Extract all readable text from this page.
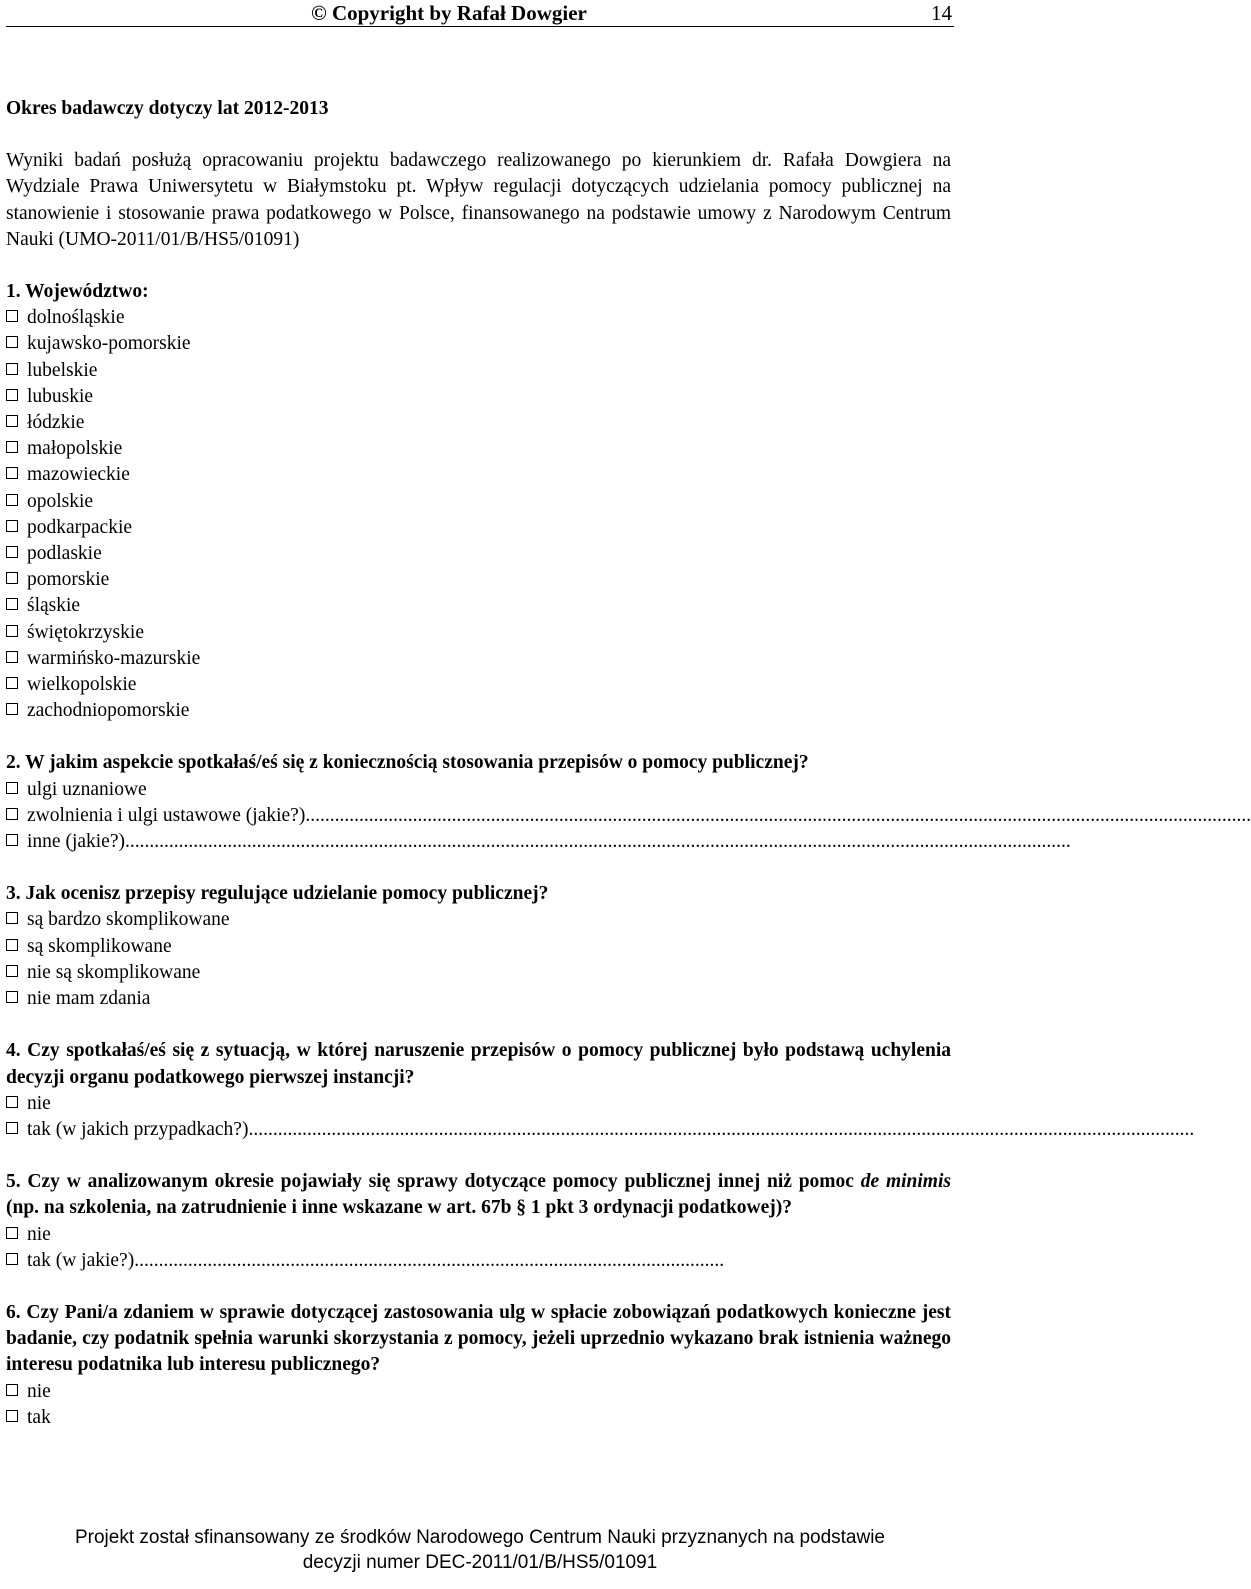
© Copyright by Rafał Dowgier	14

Okres badawczy dotyczy lat 2012-2013

Wyniki badań posłużą opracowaniu projektu badawczego realizowanego po kierunkiem dr. Rafała Dowgiera na Wydziale Prawa Uniwersytetu w Białymstoku pt. Wpływ regulacji dotyczących udzielania pomocy publicznej na stanowienie i stosowanie prawa podatkowego w Polsce, finansowanego na podstawie umowy z Narodowym Centrum Nauki (UMO-2011/01/B/HS5/01091)

1. Województwo:

dolnośląskie
kujawsko-pomorskie
lubelskie
lubuskie
łódzkie
małopolskie
mazowieckie
opolskie
podkarpackie
podlaskie
pomorskie
śląskie
świętokrzyskie
warmińsko-mazurskie
wielkopolskie
zachodniopomorskie

2. W jakim aspekcie spotkałaś/eś się z koniecznością stosowania przepisów o pomocy publicznej?

ulgi uznaniowe
zwolnienia i ulgi ustawowe (jakie?) ..................................................................................................................................................................................................
inne (jakie?) ..................................................................................................................................................................................................

3. Jak ocenisz przepisy regulujące udzielanie pomocy publicznej?

są bardzo skomplikowane
są skomplikowane
nie są skomplikowane
nie mam zdania

4. Czy spotkałaś/eś się z sytuacją, w której naruszenie przepisów o pomocy publicznej było podstawą uchylenia decyzji organu podatkowego pierwszej instancji?

nie
tak (w jakich przypadkach?) ..................................................................................................................................................................................................

5. Czy w analizowanym okresie pojawiały się sprawy dotyczące pomocy publicznej innej niż pomoc de minimis (np. na szkolenia, na zatrudnienie i inne wskazane w art. 67b § 1 pkt 3 ordynacji podatkowej)?

nie
tak (w jakie?) .........................................................................................................................

6. Czy Pani/a zdaniem w sprawie dotyczącej zastosowania ulg w spłacie zobowiązań podatkowych konieczne jest badanie, czy podatnik spełnia warunki skorzystania z pomocy, jeżeli uprzednio wykazano brak istnienia ważnego interesu podatnika lub interesu publicznego?

nie
tak

Projekt został sfinansowany ze środków Narodowego Centrum Nauki przyznanych na podstawie

decyzji numer DEC-2011/01/B/HS5/01091
